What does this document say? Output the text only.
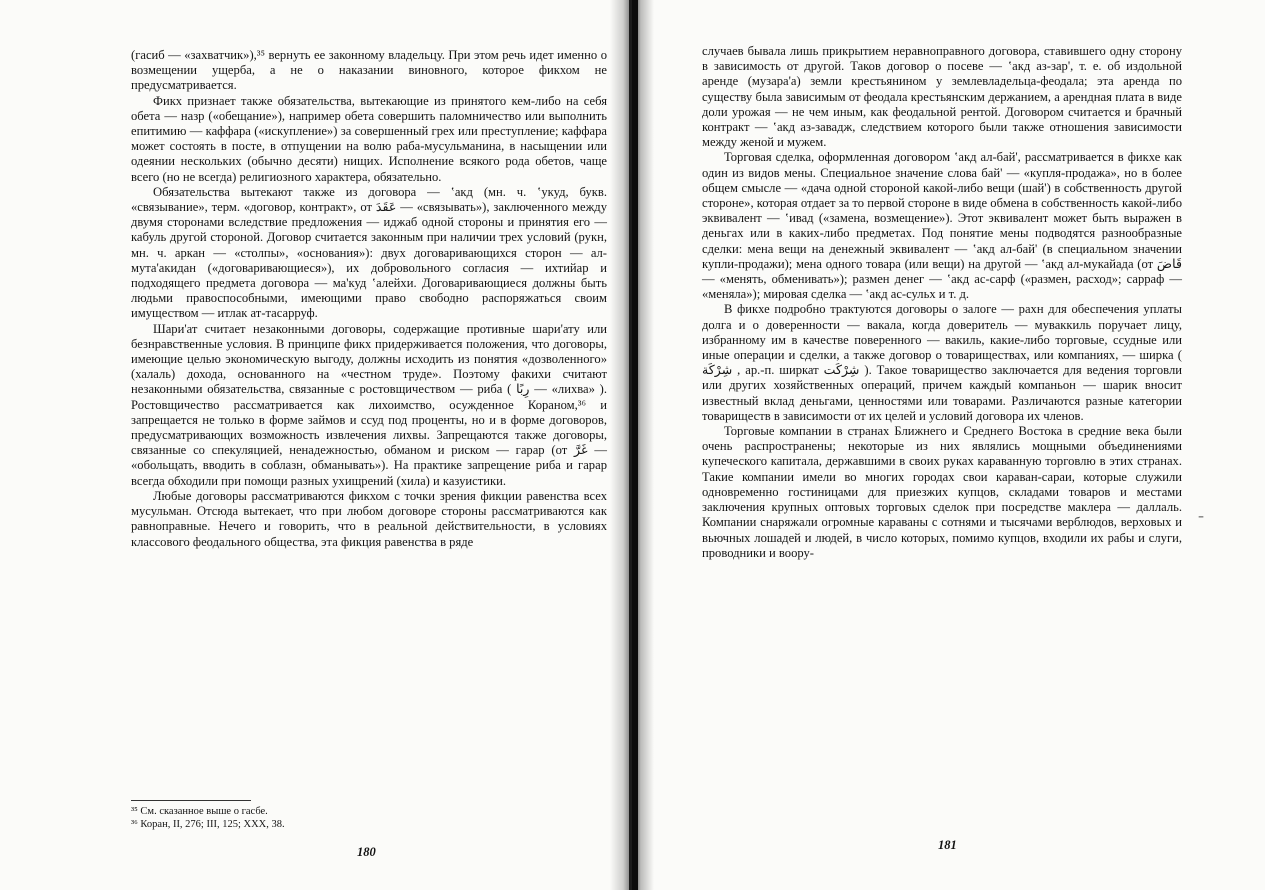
(гасиб — «захватчик»),³⁵ вернуть ее законному владельцу. При этом речь идет именно о возмещении ущерба, а не о наказании виновного, которое фикхом не предусматривается.

Фикх признает также обязательства, вытекающие из принятого кем-либо на себя обета — назр («обещание»), например обета совершить паломничество или выполнить епитимию — каффара («искупление») за совершенный грех или преступление; каффара может состоять в посте, в отпущении на волю раба-мусульманина, в насыщении или одеянии нескольких (обычно десяти) нищих. Исполнение всякого рода обетов, чаще всего (но не всегда) религиозного характера, обязательно.

Обязательства вытекают также из договора — ʽакд (мн. ч. ʽукуд, букв. «связывание», терм. «договор, контракт», от عَقَدَ — «связывать»), заключенного между двумя сторонами вследствие предложения — иджаб одной стороны и принятия его — кабуль другой стороной. Договор считается законным при наличии трех условий (рукн, мн. ч. аркан — «столпы», «основания»): двух договаривающихся сторон — ал-мута'акидан («договаривающиеся»), их добровольного согласия — ихтийар и подходящего предмета договора — ма'куд ʽалейхи. Договаривающиеся должны быть людьми правоспособными, имеющими право свободно распоряжаться своим имуществом — итлак ат-тасарруф.

Шари'ат считает незаконными договоры, содержащие противные шари'ату или безнравственные условия. В принципе фикх придерживается положения, что договоры, имеющие целью экономическую выгоду, должны исходить из понятия «дозволенного» (халаль) дохода, основанного на «честном труде». Поэтому факихи считают незаконными обязательства, связанные с ростовщичеством — риба ( رِبًا — «лихва» ). Ростовщичество рассматривается как лихоимство, осужденное Кораном,³⁶ и запрещается не только в форме займов и ссуд под проценты, но и в форме договоров, предусматривающих возможность извлечения лихвы. Запрещаются также договоры, связанные со спекуляцией, ненадежностью, обманом и риском — гарар (от غَرَّ — «обольщать, вводить в соблазн, обманывать»). На практике запрещение риба и гарар всегда обходили при помощи разных ухищрений (хила) и казуистики.

Любые договоры рассматриваются фикхом с точки зрения фикции равенства всех мусульман. Отсюда вытекает, что при любом договоре стороны рассматриваются как равноправные. Нечего и говорить, что в реальной действительности, в условиях классового феодального общества, эта фикция равенства в ряде

³⁵ См. сказанное выше о гасбе.
³⁶ Коран, II, 276; III, 125; XXX, 38.
180

случаев бывала лишь прикрытием неравноправного договора, ставившего одну сторону в зависимость от другой. Таков договор о посеве — ʽакд аз-зар', т. е. об издольной аренде (музара'а) земли крестьянином у землевладельца-феодала; эта аренда по существу была зависимым от феодала крестьянским держанием, а арендная плата в виде доли урожая — не чем иным, как феодальной рентой. Договором считается и брачный контракт — ʽакд аз-завадж, следствием которого были также отношения зависимости между женой и мужем.

Торговая сделка, оформленная договором ʽакд ал-бай', рассматривается в фикхе как один из видов мены. Специальное значение слова бай' — «купля-продажа», но в более общем смысле — «дача одной стороной какой-либо вещи (шай') в собственность другой стороне», которая отдает за то первой стороне в виде обмена в собственность какой-либо эквивалент — ʽивад («замена, возмещение»). Этот эквивалент может быть выражен в деньгах или в каких-либо предметах. Под понятие мены подводятся разнообразные сделки: мена вещи на денежный эквивалент — ʽакд ал-бай' (в специальном значении купли-продажи); мена одного товара (или вещи) на другой — ʽакд ал-мукайада (от قَاضَ — «менять, обменивать»); размен денег — ʽакд ас-сарф («размен, расход»; сарраф — «меняла»); мировая сделка — ʽакд ас-сульх и т. д.

В фикхе подробно трактуются договоры о залоге — рахн для обеспечения уплаты долга и о доверенности — вакала, когда доверитель — муваккиль поручает лицу, избранному им в качестве поверенного — вакиль, какие-либо торговые, ссудные или иные операции и сделки, а также договор о товариществах, или компаниях, — ширка ( شِرْكَة , ар.-п. ширкат شِرْكَت ). Такое товарищество заключается для ведения торговли или других хозяйственных операций, причем каждый компаньон — шарик вносит известный вклад деньгами, ценностями или товарами. Различаются разные категории товариществ в зависимости от их целей и условий договора их членов.

Торговые компании в странах Ближнего и Среднего Востока в средние века были очень распространены; некоторые из них являлись мощными объединениями купеческого капитала, державшими в своих руках караванную торговлю в этих странах. Такие компании имели во многих городах свои караван-сараи, которые служили одновременно гостиницами для приезжих купцов, складами товаров и местами заключения крупных оптовых торговых сделок при посредстве маклера — даллаль. Компании снаряжали огромные караваны с сотнями и тысячами верблюдов, верховых и вьючных лошадей и людей, в число которых, помимо купцов, входили их рабы и слуги, проводники и воору-

181
-
